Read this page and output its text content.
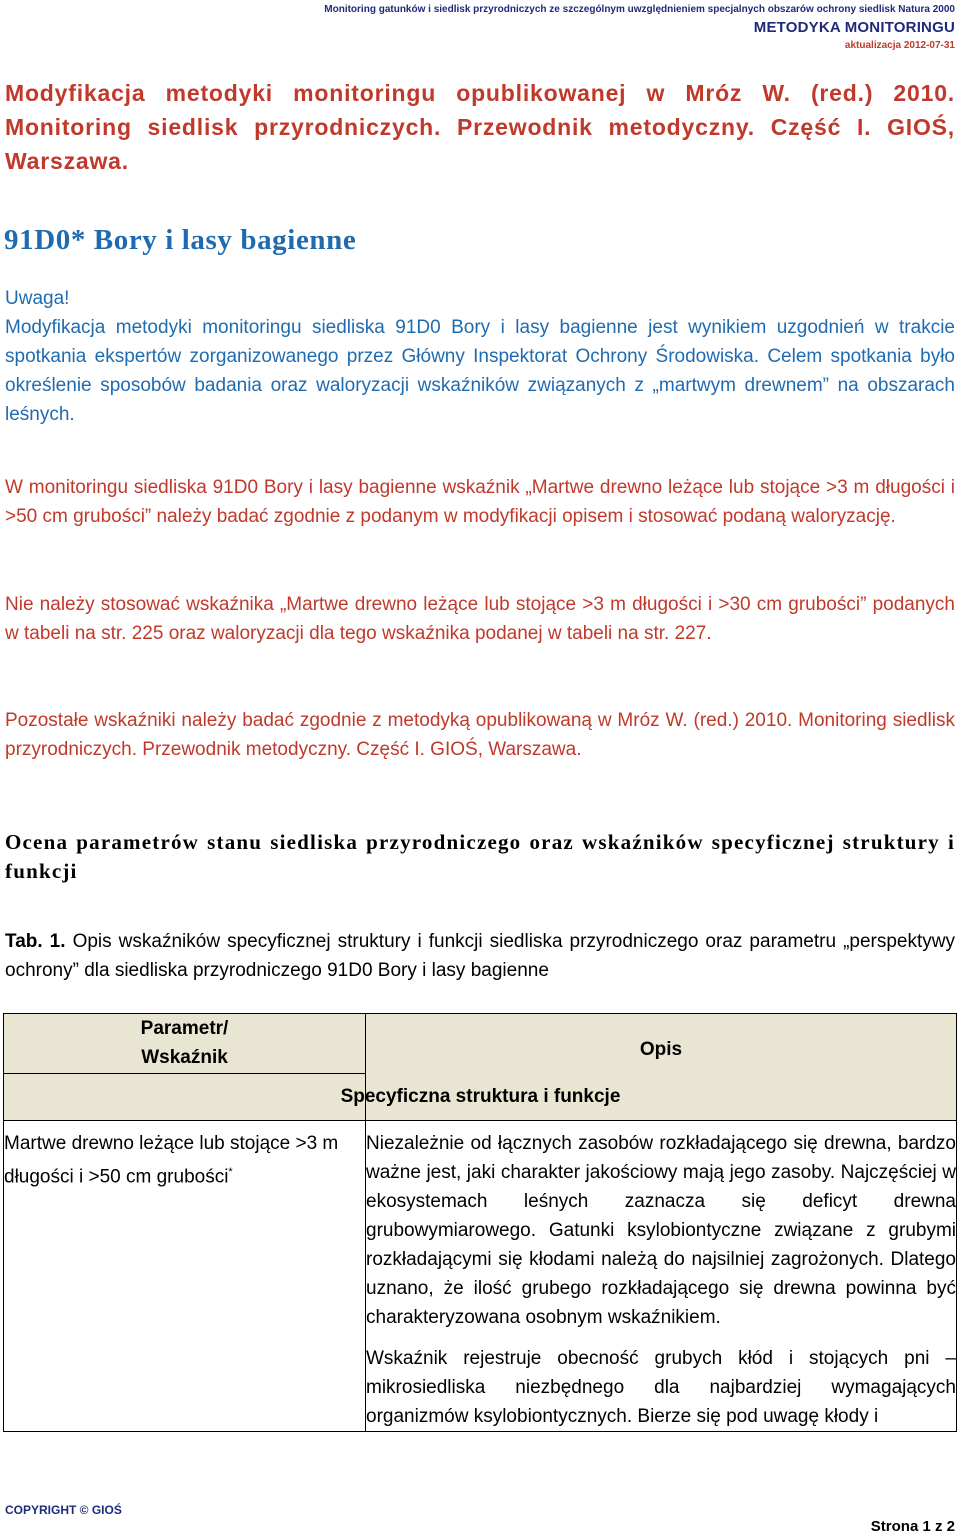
Monitoring gatunków i siedlisk przyrodniczych ze szczególnym uwzględnieniem specjalnych obszarów ochrony siedlisk Natura 2000
METODYKA MONITORINGU
aktualizacja 2012-07-31

Modyfikacja metodyki monitoringu opublikowanej w Mróz W. (red.) 2010. Monitoring siedlisk przyrodniczych. Przewodnik metodyczny. Część I. GIOŚ, Warszawa.

91D0* Bory i lasy bagienne

Uwaga!
Modyfikacja metodyki monitoringu siedliska 91D0 Bory i lasy bagienne jest wynikiem uzgodnień w trakcie spotkania ekspertów zorganizowanego przez Główny Inspektorat Ochrony Środowiska. Celem spotkania było określenie sposobów badania oraz waloryzacji wskaźników związanych z „martwym drewnem” na obszarach leśnych.

W monitoringu siedliska 91D0 Bory i lasy bagienne wskaźnik „Martwe drewno leżące lub stojące >3 m długości i >50 cm grubości” należy badać zgodnie z podanym w modyfikacji opisem i stosować podaną waloryzację.

Nie należy stosować wskaźnika „Martwe drewno leżące lub stojące >3 m długości i >30 cm grubości” podanych w tabeli na str. 225 oraz waloryzacji dla tego wskaźnika podanej w tabeli na str. 227.

Pozostałe wskaźniki należy badać zgodnie z metodyką opublikowaną w Mróz W. (red.) 2010. Monitoring siedlisk przyrodniczych. Przewodnik metodyczny. Część I. GIOŚ, Warszawa.

Ocena parametrów stanu siedliska przyrodniczego oraz wskaźników specyficznej struktury i funkcji

Tab. 1. Opis wskaźników specyficznej struktury i funkcji siedliska przyrodniczego oraz parametru „perspektywy ochrony” dla siedliska przyrodniczego 91D0 Bory i lasy bagienne

Parametr/ Wskaźnik	Opis

Specyficzna struktura i funkcje	

Martwe drewno leżące lub stojące >3 m długości i >50 cm grubości*	Niezależnie od łącznych zasobów rozkładającego się drewna, bardzo ważne jest, jaki charakter jakościowy mają jego zasoby. Najczęściej w ekosystemach leśnych zaznacza się deficyt drewna grubowymiarowego. Gatunki ksylobiontyczne związane z grubymi rozkładającymi się kłodami należą do najsilniej zagrożonych. Dlatego uznano, że ilość grubego rozkładającego się drewna powinna być charakteryzowana osobnym wskaźnikiem.

Wskaźnik rejestruje obecność grubych kłód i stojących pni – mikrosiedliska niezbędnego dla najbardziej wymagających organizmów ksylobiontycznych. Bierze się pod uwagę kłody i

COPYRIGHT © GIOŚ
Strona 1 z 2
